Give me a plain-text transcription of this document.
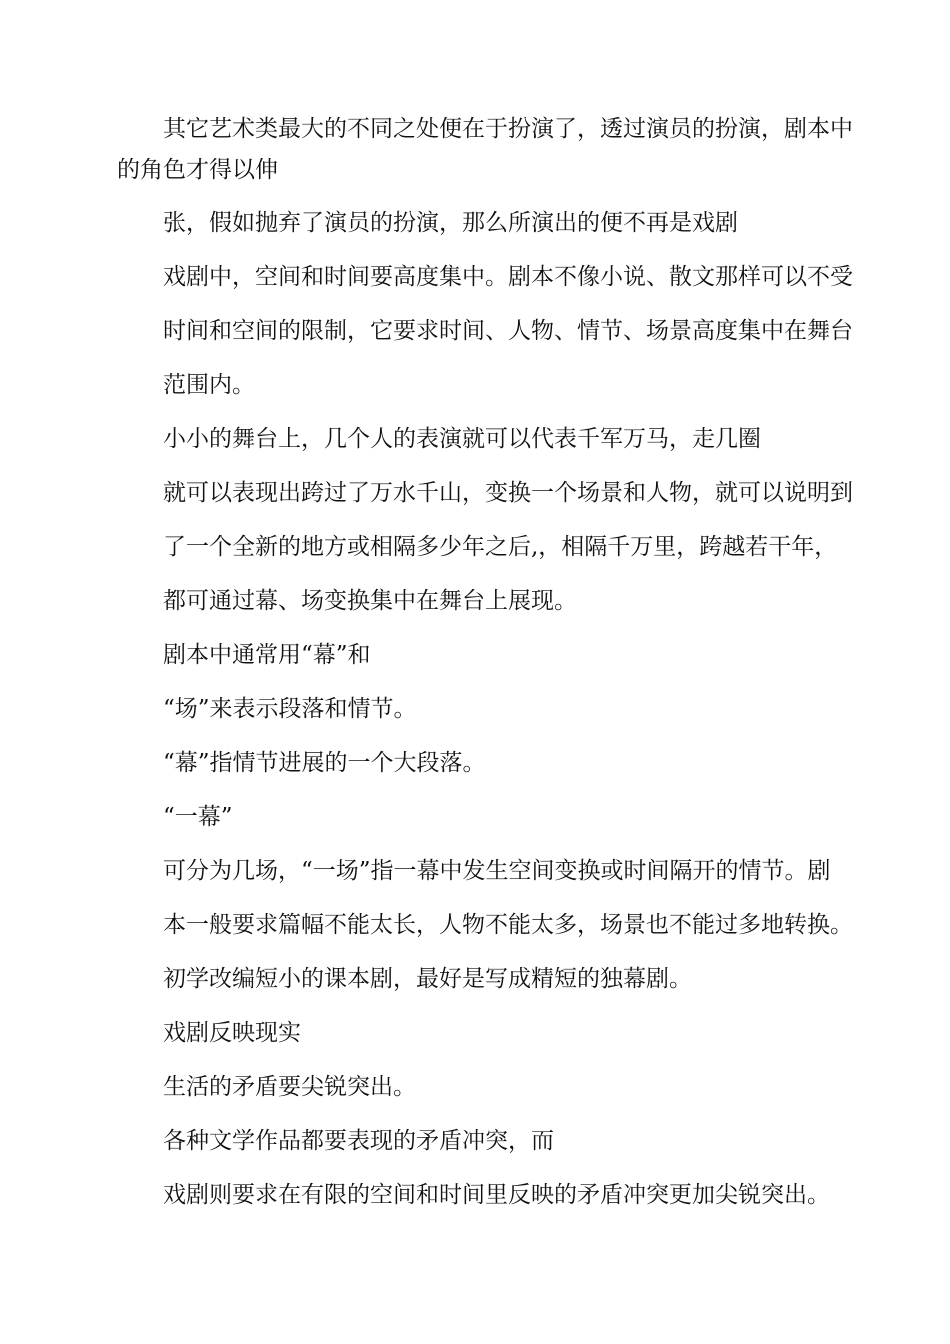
其它艺术类最大的不同之处便在于扮演了，透过演员的扮演，剧本中
的角色才得以伸
张，假如抛弃了演员的扮演，那么所演出的便不再是戏剧
戏剧中，空间和时间要高度集中。剧本不像小说、散文那样可以不受
时间和空间的限制，它要求时间、人物、情节、场景高度集中在舞台
范围内。
小小的舞台上，几个人的表演就可以代表千军万马，走几圈
就可以表现出跨过了万水千山，变换一个场景和人物，就可以说明到
了一个全新的地方或相隔多少年之后,，相隔千万里，跨越若干年，
都可通过幕、场变换集中在舞台上展现。
剧本中通常用“幕”和
“场”来表示段落和情节。
“幕”指情节进展的一个大段落。
“一幕”
可分为几场，“一场”指一幕中发生空间变换或时间隔开的情节。剧
本一般要求篇幅不能太长，人物不能太多，场景也不能过多地转换。
初学改编短小的课本剧，最好是写成精短的独幕剧。
戏剧反映现实
生活的矛盾要尖锐突出。
各种文学作品都要表现的矛盾冲突，而
戏剧则要求在有限的空间和时间里反映的矛盾冲突更加尖锐突出。
